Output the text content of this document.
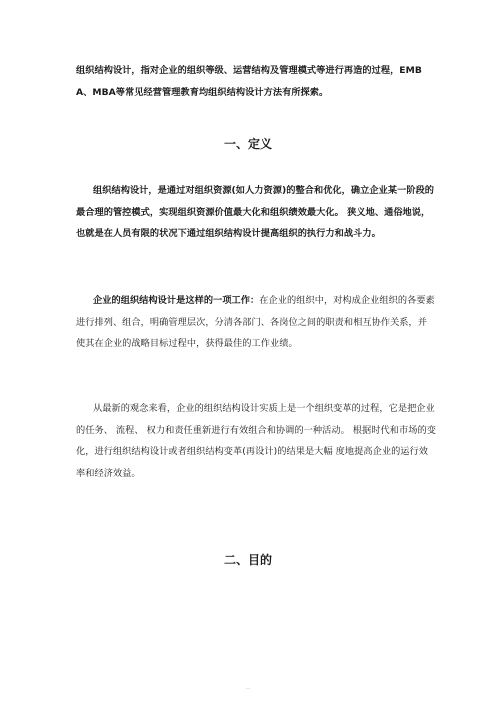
组织结构设计，指对企业的组织等级、运营结构及管理模式等进行再造的过程，EMBA、MBA等常见经营管理教育均组织结构设计方法有所探索。

一、定义

组织结构设计，是通过对组织资源(如人力资源)的整合和优化，确立企业某一阶段的最合理的管控模式，实现组织资源价值最大化和组织绩效最大化。 狭义地、通俗地说，也就是在人员有限的状况下通过组织结构设计提高组织的执行力和战斗力。

企业的组织结构设计是这样的一项工作：在企业的组织中，对构成企业组织的各要素进行排列、组合，明确管理层次，分清各部门、各岗位之间的职责和相互协作关系，并使其在企业的战略目标过程中，获得最佳的工作业绩。

从最新的观念来看，企业的组织结构设计实质上是一个组织变革的过程，它是把企业的任务、 流程、 权力和责任重新进行有效组合和协调的一种活动。 根据时代和市场的变化，进行组织结构设计或者组织结构变革(再设计)的结果是大幅 度地提高企业的运行效率和经济效益。

二、目的
